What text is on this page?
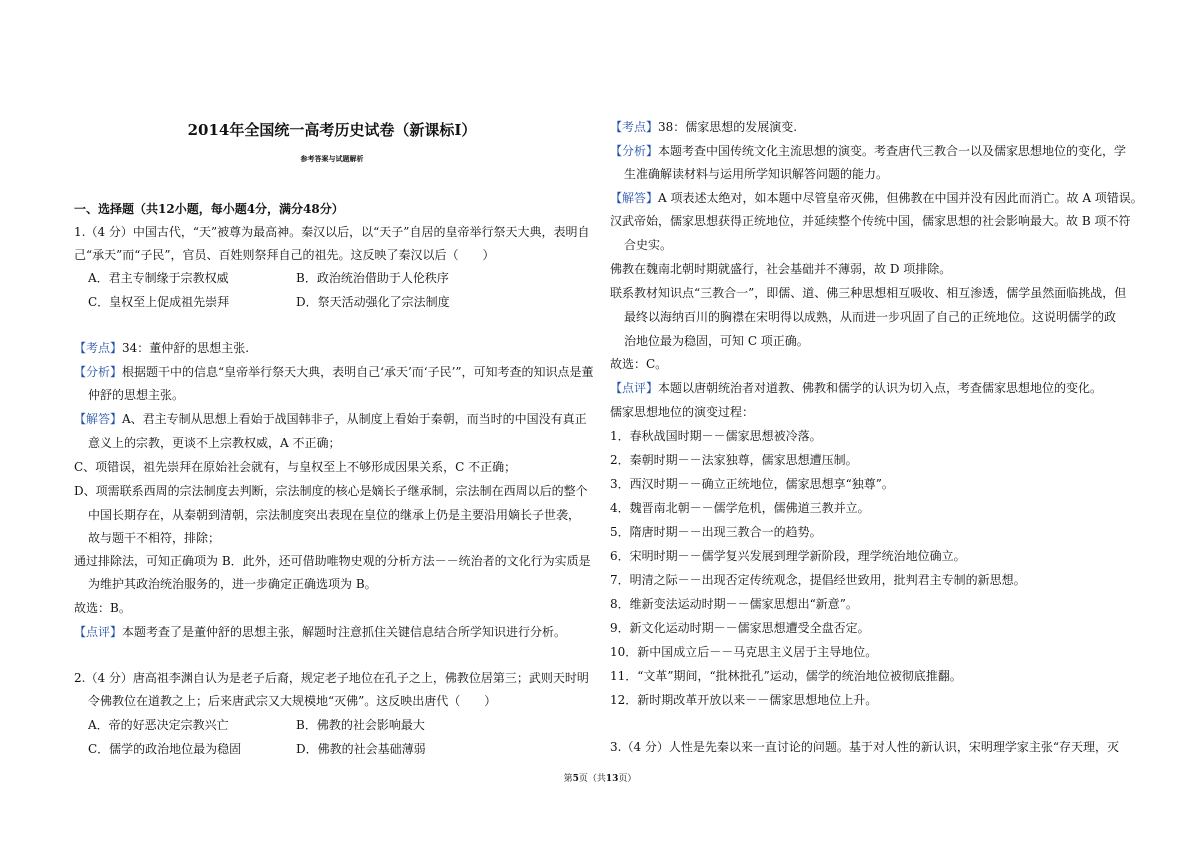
2014年全国统一高考历史试卷（新课标Ⅰ）
参考答案与试题解析
一、选择题（共12小题，每小题4分，满分48分）
1.（4 分）中国古代，“天”被尊为最高神。秦汉以后，以“天子”自居的皇帝举行祭天大典，表明自
己“承天”而“子民”，官员、百姓则祭拜自己的祖先。这反映了秦汉以后（　　）
A．君主专制缘于宗教权威	B．政治统治借助于人伦秩序
C．皇权至上促成祖先崇拜	D．祭天活动强化了宗法制度
【考点】34：董仲舒的思想主张.
【分析】根据题干中的信息“皇帝举行祭天大典，表明自己‘承天’而‘子民’”，可知考查的知识点是董
仲舒的思想主张。
【解答】A、君主专制从思想上看始于战国韩非子，从制度上看始于秦朝，而当时的中国没有真正
意义上的宗教，更谈不上宗教权威，A 不正确；
C、项错误，祖先崇拜在原始社会就有，与皇权至上不够形成因果关系，C 不正确；
D、项需联系西周的宗法制度去判断，宗法制度的核心是嫡长子继承制，宗法制在西周以后的整个
中国长期存在，从秦朝到清朝，宗法制度突出表现在皇位的继承上仍是主要沿用嫡长子世袭，
故与题干不相符，排除；
通过排除法，可知正确项为 B．此外，还可借助唯物史观的分析方法－－统治者的文化行为实质是
为维护其政治统治服务的，进一步确定正确选项为 B。
故选：B。
【点评】本题考查了是董仲舒的思想主张，解题时注意抓住关键信息结合所学知识进行分析。
2.（4 分）唐高祖李渊自认为是老子后裔，规定老子地位在孔子之上，佛教位居第三；武则天时明
令佛教位在道教之上；后来唐武宗又大规模地“灭佛”。这反映出唐代（　　）
A．帝的好恶决定宗教兴亡	B．佛教的社会影响最大
C．儒学的政治地位最为稳固	D．佛教的社会基础薄弱
【考点】38：儒家思想的发展演变.
【分析】本题考查中国传统文化主流思想的演变。考查唐代三教合一以及儒家思想地位的变化，学
生准确解读材料与运用所学知识解答问题的能力。
【解答】A 项表述太绝对，如本题中尽管皇帝灭佛，但佛教在中国并没有因此而消亡。故 A 项错误。
汉武帝始，儒家思想获得正统地位，并延续整个传统中国，儒家思想的社会影响最大。故 B 项不符
合史实。
佛教在魏南北朝时期就盛行，社会基础并不薄弱，故 D 项排除。
联系教材知识点“三教合一”，即儒、道、佛三种思想相互吸收、相互渗透，儒学虽然面临挑战，但
最终以海纳百川的胸襟在宋明得以成熟，从而进一步巩固了自己的正统地位。这说明儒学的政
治地位最为稳固，可知 C 项正确。
故选：C。
【点评】本题以唐朝统治者对道教、佛教和儒学的认识为切入点，考查儒家思想地位的变化。
儒家思想地位的演变过程：
1．春秋战国时期－－儒家思想被冷落。
2．秦朝时期－－法家独尊，儒家思想遭压制。
3．西汉时期－－确立正统地位，儒家思想享“独尊”。
4．魏晋南北朝－－儒学危机，儒佛道三教并立。
5．隋唐时期－－出现三教合一的趋势。
6．宋明时期－－儒学复兴发展到理学新阶段，理学统治地位确立。
7．明清之际－－出现否定传统观念，提倡经世致用，批判君主专制的新思想。
8．维新变法运动时期－－儒家思想出“新意”。
9．新文化运动时期－－儒家思想遭受全盘否定。
10．新中国成立后－－马克思主义居于主导地位。
11．“文革”期间，“批林批孔”运动，儒学的统治地位被彻底推翻。
12．新时期改革开放以来－－儒家思想地位上升。
3.（4 分）人性是先秦以来一直讨论的问题。基于对人性的新认识，宋明理学家主张“存天理，灭
第5页（共13页）
